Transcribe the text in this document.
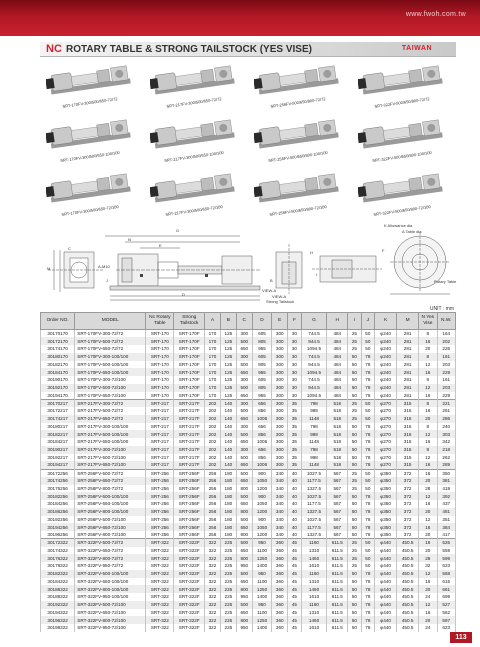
www.fwoh.com.tw
NC ROTARY TABLE & STRONG TAILSTOCK (YES VISE)	TAIWAN
SRT-170FV-300/500/650-72/72	SRT-217FV-300/500/650-72/72	SRT-256FV-500/650/800-72/72	SRT-322FV-500/650/800-72/72
SRT-170FV-300/500/650-100/100	SRT-217FV-300/500/650-100/100	SRT-256FV-500/650/800-100/100	SRT-322FV-500/650/800-100/100
SRT-170FV-300/500/650-72/100	SRT-217FV-300/500/650-72/100	SRT-256FV-500/650/800-72/100	SRT-322FV-500/650/800-72/100
G
N
E
C
M	A-M10
J
D
B
VIEW-A
VIEW-A
Strong Tailstock
H	F
I
K Allowance dia
A Table dia
Rotary Table
UNIT : mm
Order NO.	MODEL	Nc Rotary Table	Strong Tailstock	A	B	C	D	E	F	G	H	I	J	K	M	N Yes Vise	N.W.
30170170	SRT-170FV-300-72/72	SRT-170	SRT-170F	170	125	300	605	300	30	744.5	484	25	50	φ240	281	8	164
30172170	SRT-170FV-500-72/72	SRT-170	SRT-170F	170	125	500	805	300	30	944.5	484	25	50	φ240	281	16	202
30174170	SRT-170FV-650-72/72	SRT-170	SRT-170F	170	125	650	955	300	30	1094.5	484	25	50	φ240	281	20	226
30180170	SRT-170FV-300-100/100	SRT-170	SRT-170F	170	125	300	605	300	30	744.5	484	50	78	φ240	281	8	161
30182170	SRT-170FV-500-100/100	SRT-170	SRT-170F	170	125	500	805	300	30	944.5	484	50	78	φ240	281	12	203
30184170	SRT-170FV-650-100/100	SRT-170	SRT-170F	170	125	650	955	300	30	1094.5	484	50	78	φ240	281	16	229
30190170	SRT-170FV-300-72/100	SRT-170	SRT-170F	170	125	300	605	300	30	744.5	484	50	78	φ240	281	8	161
30192170	SRT-170FV-500-72/100	SRT-170	SRT-170F	170	125	500	805	300	30	944.5	484	50	78	φ240	281	12	203
30194170	SRT-170FV-650-72/100	SRT-170	SRT-170F	170	125	650	955	300	30	1094.5	484	50	78	φ240	281	16	229
30170217	SRT-217FV-300-72/72	SRT-217	SRT-217F	202	140	300	656	300	35	798	518	25	50	φ270	315	8	221
30172217	SRT-217FV-500-72/72	SRT-217	SRT-217F	202	140	500	856	300	35	998	518	25	50	φ270	315	16	261
30174217	SRT-217FV-650-72/72	SRT-217	SRT-217F	202	140	650	1006	300	35	1148	518	25	50	φ270	315	20	286
30180217	SRT-217FV-300-100/100	SRT-217	SRT-217F	202	140	300	656	300	35	798	518	50	78	φ270	315	8	240
30182217	SRT-217FV-500-100/100	SRT-217	SRT-217F	202	140	500	856	300	35	998	518	50	78	φ270	315	12	303
30184217	SRT-217FV-650-100/100	SRT-217	SRT-217F	202	140	650	1006	300	35	1148	518	50	78	φ270	315	16	342
30190217	SRT-217FV-300-72/100	SRT-217	SRT-217F	202	140	300	656	300	35	798	518	50	78	φ270	315	8	218
30192217	SRT-217FV-500-72/100	SRT-217	SRT-217F	202	140	500	856	300	35	998	518	50	78	φ270	315	12	262
30194217	SRT-217FV-650-72/100	SRT-217	SRT-217F	202	140	650	1006	300	35	1148	518	50	78	φ270	315	16	289
30172256	SRT-256FV-500-72/72	SRT-256	SRT-256F	256	180	500	900	340	40	1027.5	567	25	50	φ350	372	16	350
30174256	SRT-256FV-650-72/72	SRT-256	SRT-256F	256	180	650	1050	340	40	1177.5	567	25	50	φ350	372	20	381
30176256	SRT-256FV-800-72/72	SRT-256	SRT-256F	256	180	800	1200	340	40	1327.5	567	25	50	φ350	372	28	419
30182256	SRT-256FV-500-100/100	SRT-256	SRT-256F	256	180	500	900	340	40	1027.5	567	50	78	φ350	372	12	392
30184256	SRT-256FV-650-100/100	SRT-256	SRT-256F	256	180	650	1050	340	40	1177.5	567	50	78	φ350	372	16	437
30186256	SRT-256FV-800-100/100	SRT-256	SRT-256F	256	180	800	1200	340	40	1327.5	567	50	78	φ350	372	20	481
30192256	SRT-256FV-500-72/100	SRT-256	SRT-256F	256	180	500	900	340	40	1027.5	567	50	78	φ350	372	12	351
30194256	SRT-256FV-650-72/100	SRT-256	SRT-256F	256	180	650	1050	340	40	1177.5	567	50	78	φ350	372	16	384
30196256	SRT-256FV-800-72/100	SRT-256	SRT-256F	256	180	800	1200	340	40	1327.5	567	50	78	φ350	372	20	417
30172322	SRT-322FV-500-72/72	SRT-322	SRT-322F	322	225	500	950	360	45	1160	611.5	25	50	φ440	450.5	16	526
30174322	SRT-322FV-650-72/72	SRT-322	SRT-322F	322	225	650	1100	360	45	1310	611.5	25	50	φ440	450.5	20	559
30176322	SRT-322FV-800-72/72	SRT-322	SRT-322F	322	225	800	1250	360	45	1460	611.5	25	50	φ440	450.5	28	599
30178322	SRT-322FV-950-72/72	SRT-322	SRT-322F	322	225	950	1400	360	45	1610	611.5	25	50	φ440	450.5	32	623
30182322	SRT-322FV-500-100/100	SRT-322	SRT-322F	322	225	500	950	360	45	1160	611.5	50	78	φ440	450.5	12	568
30184322	SRT-322FV-650-100/100	SRT-322	SRT-322F	322	225	650	1100	360	45	1310	611.5	50	78	φ440	450.5	16	615
30186322	SRT-322FV-800-100/100	SRT-322	SRT-322F	322	225	800	1250	360	45	1460	611.5	50	78	φ440	450.5	20	661
30188322	SRT-322FV-950-100/100	SRT-322	SRT-322F	322	225	950	1400	360	45	1610	611.5	50	78	φ440	450.5	24	699
30192322	SRT-322FV-500-72/100	SRT-322	SRT-322F	322	225	500	950	360	45	1160	611.5	50	78	φ440	450.5	12	527
30194322	SRT-322FV-650-72/100	SRT-322	SRT-322F	322	225	650	1100	360	45	1310	611.5	50	78	φ440	450.5	16	562
30196322	SRT-322FV-800-72/100	SRT-322	SRT-322F	322	225	800	1250	360	45	1460	611.5	50	78	φ440	450.5	20	597
30198322	SRT-322FV-950-72/100	SRT-322	SRT-322F	322	225	950	1400	360	45	1610	611.5	50	78	φ440	450.5	24	623
113
